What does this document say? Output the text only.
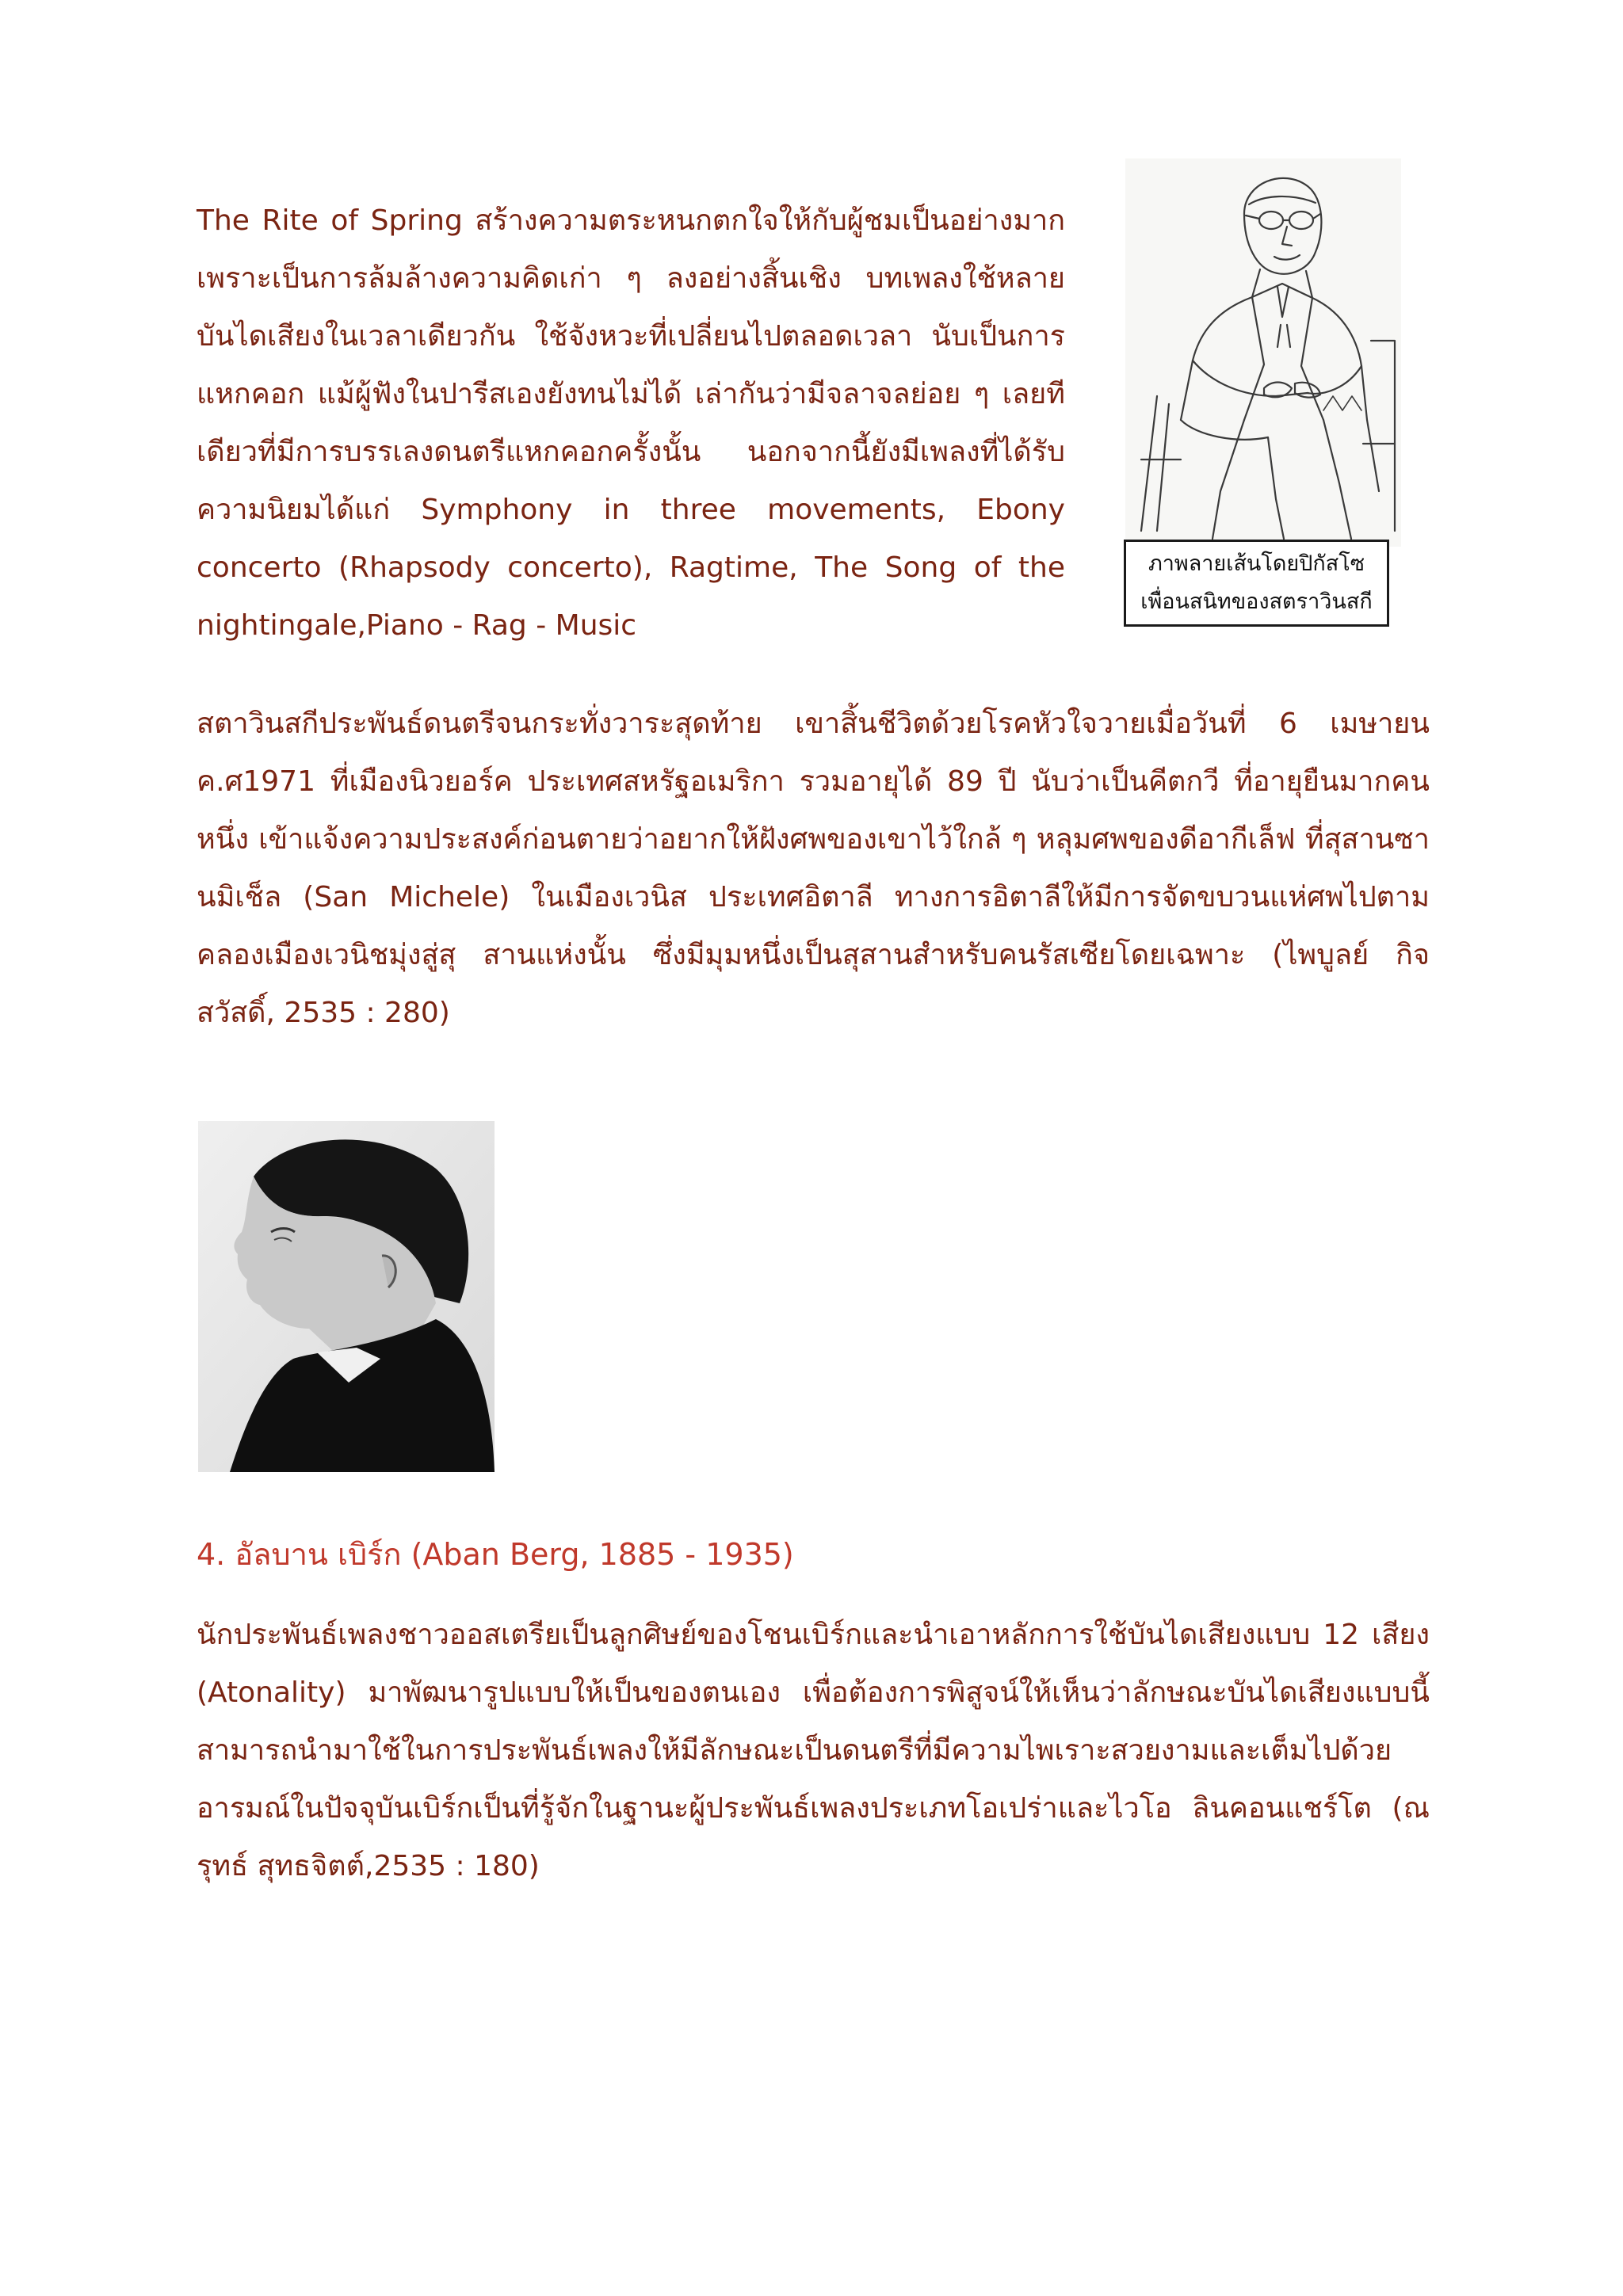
The Rite of Spring สร้างความตระหนกตกใจให้กับผู้ชมเป็นอย่างมาก เพราะเป็นการล้มล้างความคิดเก่า ๆ ลงอย่างสิ้นเชิง บทเพลงใช้หลายบันไดเสียงในเวลาเดียวกัน ใช้จังหวะที่เปลี่ยนไปตลอดเวลา นับเป็นการแหกคอก แม้ผู้ฟังในปารีสเองยังทนไม่ได้ เล่ากันว่ามีจลาจลย่อย ๆ เลยทีเดียวที่มีการบรรเลงดนตรีแหกคอกครั้งนั้น นอกจากนี้ยังมีเพลงที่ได้รับความนิยมได้แก่ Symphony in three movements, Ebony concerto (Rhapsody concerto), Ragtime, The Song of the nightingale,Piano - Rag - Music

ภาพลายเส้นโดยปิกัสโซ
เพื่อนสนิทของสตราวินสกี

สตาวินสกีประพันธ์ดนตรีจนกระทั่งวาระสุดท้าย เขาสิ้นชีวิตด้วยโรคหัวใจวายเมื่อวันที่ 6 เมษายน ค.ศ1971 ที่เมืองนิวยอร์ค ประเทศสหรัฐอเมริกา รวมอายุได้ 89 ปี นับว่าเป็นคีตกวี ที่อายุยืนมากคนหนึ่ง เข้าแจ้งความประสงค์ก่อนตายว่าอยากให้ฝังศพของเขาไว้ใกล้ ๆ หลุมศพของดีอากีเล็ฟ ที่สุสานซานมิเช็ล (San Michele) ในเมืองเวนิส ประเทศอิตาลี ทางการอิตาลีให้มีการจัดขบวนแห่ศพไปตามคลองเมืองเวนิชมุ่งสู่สุ สานแห่งนั้น ซึ่งมีมุมหนึ่งเป็นสุสานสำหรับคนรัสเซียโดยเฉพาะ (ไพบูลย์ กิจสวัสดิ์, 2535 : 280)

4. อัลบาน เบิร์ก (Aban Berg, 1885 - 1935)

นักประพันธ์เพลงชาวออสเตรียเป็นลูกศิษย์ของโชนเบิร์กและนำเอาหลักการใช้บันไดเสียงแบบ 12 เสียง (Atonality) มาพัฒนารูปแบบให้เป็นของตนเอง เพื่อต้องการพิสูจน์ให้เห็นว่าลักษณะบันไดเสียงแบบนี้สามารถนำมาใช้ในการประพันธ์เพลงให้มีลักษณะเป็นดนตรีที่มีความไพเราะสวยงามและเต็มไปด้วยอารมณ์ในปัจจุบันเบิร์กเป็นที่รู้จักในฐานะผู้ประพันธ์เพลงประเภทโอเปร่าและไวโอ ลินคอนแชร์โต (ณรุทธ์ สุทธจิตต์,2535 : 180)
